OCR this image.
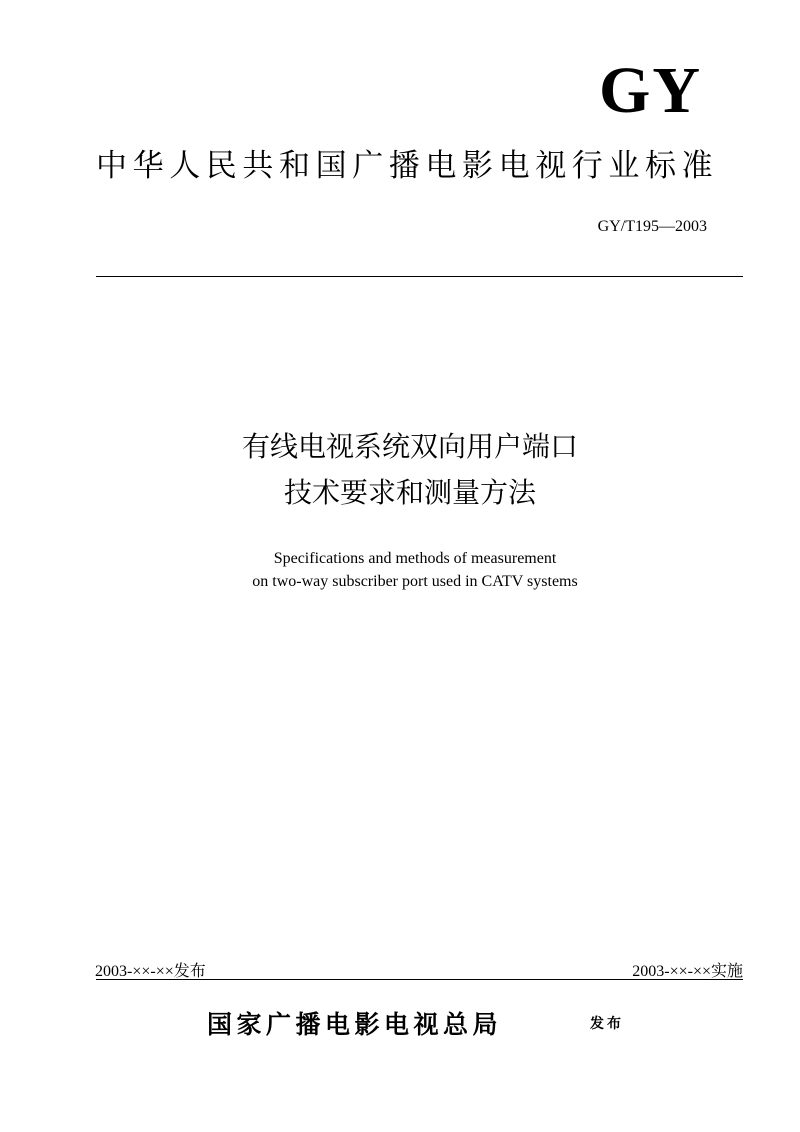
GY
中华人民共和国广播电影电视行业标准
GY/T195—2003
有线电视系统双向用户端口
技术要求和测量方法
Specifications and methods of measurement
on two-way subscriber port used in CATV systems
2003-××-××发布	2003-××-××实施
国家广播电影电视总局	发布
